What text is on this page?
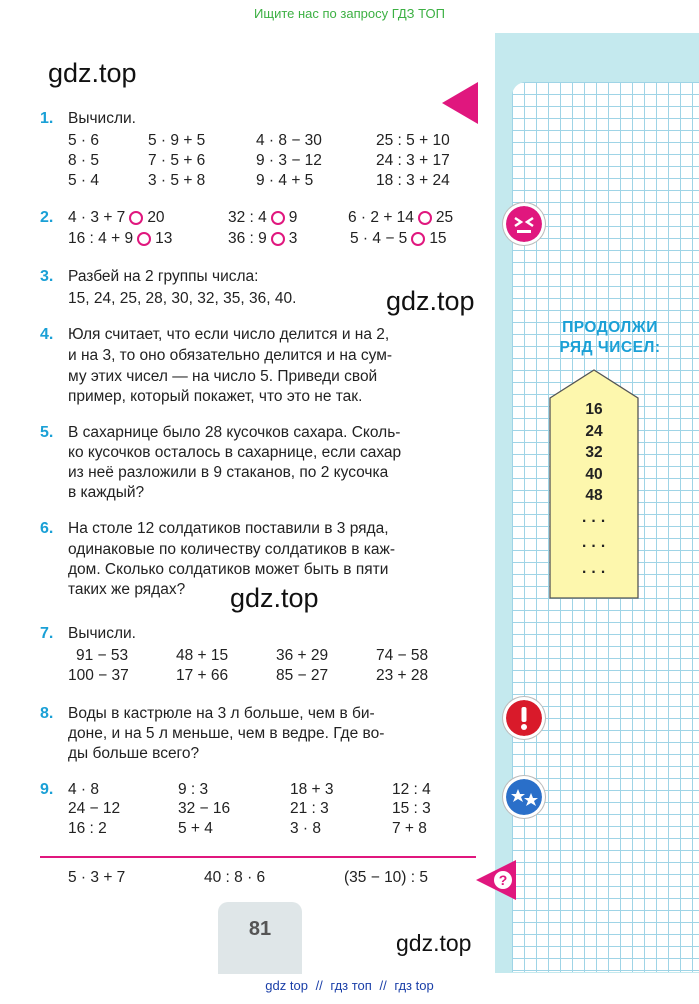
Ищите нас по запросу ГДЗ ТОП
gdz.top
gdz.top
gdz.top
gdz.top
1. Вычисли.
5 · 6	5 · 9 + 5	4 · 8 − 30	25 : 5 + 10
8 · 5	7 · 5 + 6	9 · 3 − 12	24 : 3 + 17
5 · 4	3 · 5 + 8	9 · 4 + 5	18 : 3 + 24
2. 4 · 3 + 7 20	32 : 4 9	6 · 2 + 14 25
16 : 4 + 9 13	36 : 9 3	5 · 4 − 5 15
3. Разбей на 2 группы числа:
15, 24, 25, 28, 30, 32, 35, 36, 40.
4. Юля считает, что если число делится и на 2,
и на 3, то оно обязательно делится и на сум-
му этих чисел — на число 5. Приведи свой
пример, который покажет, что это не так.
5. В сахарнице было 28 кусочков сахара. Сколь-
ко кусочков осталось в сахарнице, если сахар
из неё разложили в 9 стаканов, по 2 кусочка
в каждый?
6. На столе 12 солдатиков поставили в 3 ряда,
одинаковые по количеству солдатиков в каж-
дом. Сколько солдатиков может быть в пяти
таких же рядах?
7. Вычисли.
91 − 53	48 + 15	36 + 29	74 − 58
100 − 37	17 + 66	85 − 27	23 + 28
8. Воды в кастрюле на 3 л больше, чем в би-
доне, и на 5 л меньше, чем в ведре. Где во-
ды больше всего?
9. 4 · 8	9 : 3	18 + 3	12 : 4
24 − 12	32 − 16	21 : 3	15 : 3
16 : 2	5 + 4	3 · 8	7 + 8
5 · 3 + 7	40 : 8 · 6	(35 − 10) : 5	?
ПРОДОЛЖИ
РЯД ЧИСЕЛ:
16
24
32
40
48
· · ·
· · ·
· · ·
81
gdz top // гдз топ // гдз top
